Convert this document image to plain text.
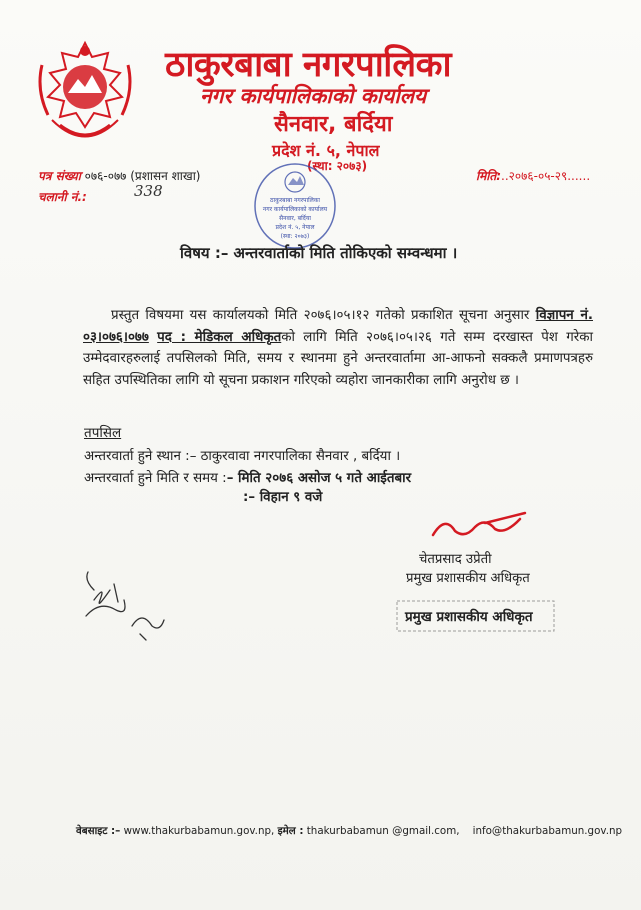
ठाकुरबाबा नगरपालिका
नगर कार्यपालिकाको कार्यालय
सैनवार, बर्दिया
प्रदेश नं. ५, नेपाल
(स्था: २०७३)
पत्र संख्या ०७६-०७७ (प्रशासन शाखा)
चलानी नं.:	338
मिति:..२०७६-०५-२९......
ठाकुरबाबा नगरपालिका
नगर कार्यपालिकाको कार्यालय
सैनवार, बर्दिया
प्रदेश नं. ५, नेपाल
(स्था: २०७३)
विषय :– अन्तरवार्ताको मिति तोकिएको सम्वन्धमा ।

प्रस्तुत विषयमा यस कार्यालयको मिति २०७६।०५।१२ गतेको प्रकाशित सूचना अनुसार विज्ञापन नं. ०३।०७६।०७७ पद : मेडिकल अधिकृतको लागि मिति २०७६।०५।२६ गते सम्म दरखास्त पेश गरेका उम्मेदवारहरुलाई तपसिलको मिति, समय र स्थानमा हुने अन्तरवार्तामा आ-आफनो सक्कलै प्रमाणपत्रहरु सहित उपस्थितिका लागि यो सूचना प्रकाशन गरिएको व्यहोरा जानकारीका लागि अनुरोध छ ।

तपसिल
अन्तरवार्ता हुने स्थान :– ठाकुरवावा नगरपालिका सैनवार , बर्दिया ।
अन्तरवार्ता हुने मिति र समय :– मिति २०७६ असोज ५ गते आईतबार
:– विहान ९ वजे
चेतप्रसाद उप्रेती
प्रमुख प्रशासकीय अधिकृत
प्रमुख प्रशासकीय अधिकृत
वेबसाइट :– www.thakurbabamun.gov.np, इमेल : thakurbabamun @gmail.com, info@thakurbabamun.gov.np
